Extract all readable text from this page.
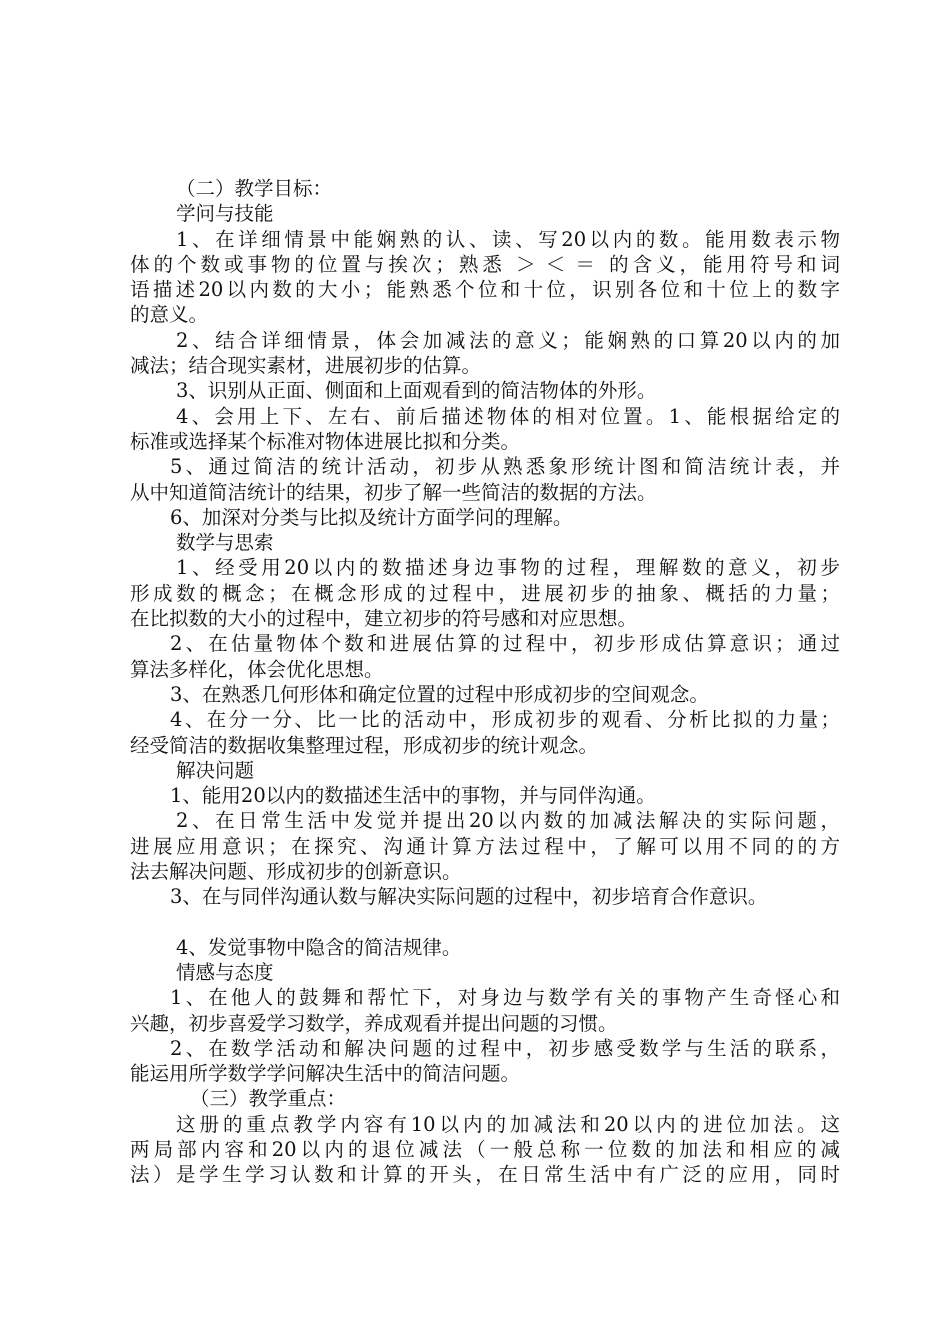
（二）教学目标：
学问与技能
1、在详细情景中能娴熟的认、读、写20以内的数。能用数表示物
体的个数或事物的位置与挨次；熟悉 ＞ ＜ ＝ 的含义，能用符号和词
语描述20以内数的大小；能熟悉个位和十位，识别各位和十位上的数字
的意义。
2、结合详细情景，体会加减法的意义；能娴熟的口算20以内的加
减法；结合现实素材，进展初步的估算。
3、识别从正面、侧面和上面观看到的简洁物体的外形。
4、会用上下、左右、前后描述物体的相对位置。1、能根据给定的
标准或选择某个标准对物体进展比拟和分类。
5、通过简洁的统计活动，初步从熟悉象形统计图和简洁统计表，并
从中知道简洁统计的结果，初步了解一些简洁的数据的方法。
6、加深对分类与比拟及统计方面学问的理解。
数学与思索
1、经受用20以内的数描述身边事物的过程，理解数的意义，初步
形成数的概念；在概念形成的过程中，进展初步的抽象、概括的力量；
在比拟数的大小的过程中，建立初步的符号感和对应思想。
2、在估量物体个数和进展估算的过程中，初步形成估算意识；通过
算法多样化，体会优化思想。
3、在熟悉几何形体和确定位置的过程中形成初步的空间观念。
4、在分一分、比一比的活动中，形成初步的观看、分析比拟的力量；
经受简洁的数据收集整理过程，形成初步的统计观念。
解决问题
1、能用20以内的数描述生活中的事物，并与同伴沟通。
2、在日常生活中发觉并提出20以内数的加减法解决的实际问题，
进展应用意识；在探究、沟通计算方法过程中，了解可以用不同的的方
法去解决问题、形成初步的创新意识。
3、在与同伴沟通认数与解决实际问题的过程中，初步培育合作意识。
4、发觉事物中隐含的简洁规律。
情感与态度
1、在他人的鼓舞和帮忙下，对身边与数学有关的事物产生奇怪心和
兴趣，初步喜爱学习数学，养成观看并提出问题的习惯。
2、在数学活动和解决问题的过程中，初步感受数学与生活的联系，
能运用所学数学学问解决生活中的简洁问题。
（三）教学重点：
这册的重点教学内容有10以内的加减法和20以内的进位加法。这
两局部内容和20以内的退位减法（一般总称一位数的加法和相应的减
法）是学生学习认数和计算的开头，在日常生活中有广泛的应用，同时
